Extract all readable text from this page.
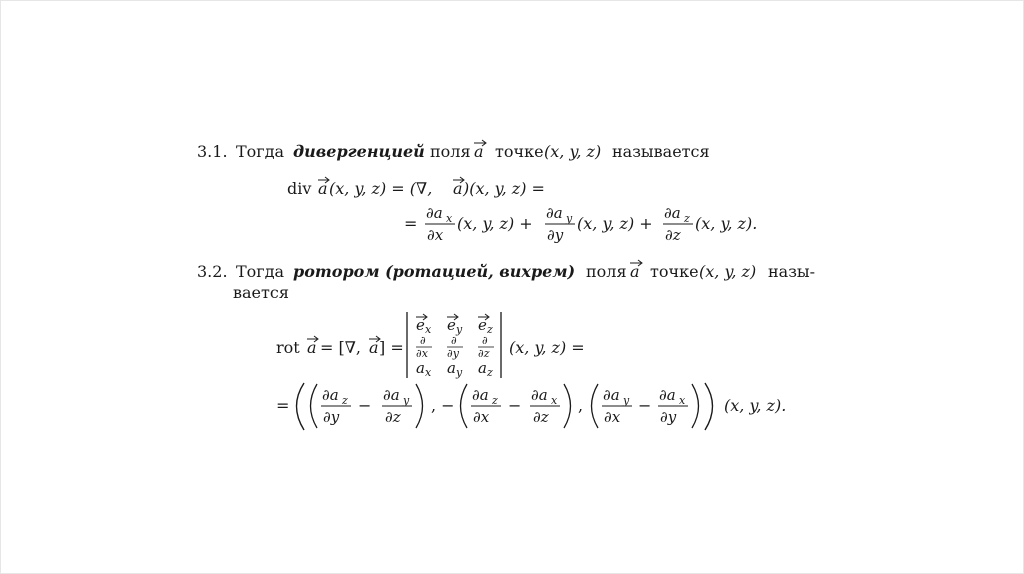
3.1. Тогда дивергенцией поля a точке (x, y, z) называется
div a (x, y, z) = (∇, a )(x, y, z) =
=
∂a x
∂x
(x, y, z) +
∂a y
∂y
(x, y, z) +
∂a z
∂z
(x, y, z).
3.2. Тогда ротором (ротацией, вихрем) поля a точке (x, y, z) назы-
вается
rot a = [∇, a ] =
e x e y e z
∂
∂x
∂
∂y
∂
∂z
a x a y a z
(x, y, z) =
=
∂a z
∂y
−
∂a y
∂z
, −
∂a z
∂x
−
∂a x
∂z
,
∂a y
∂x
−
∂a x
∂y
(x, y, z).
